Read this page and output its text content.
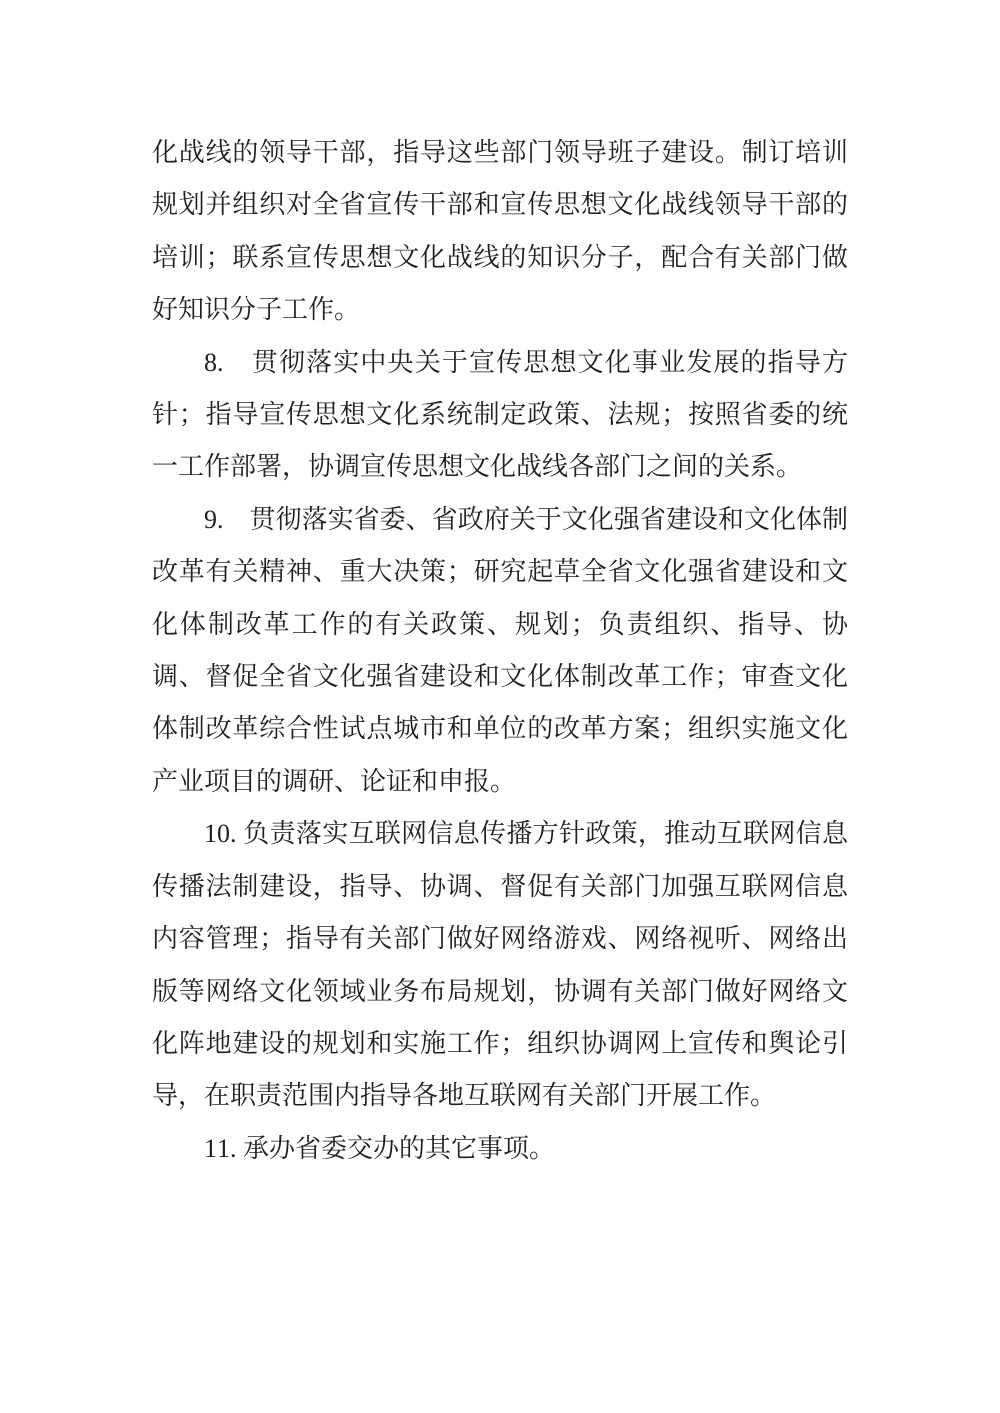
化战线的领导干部，指导这些部门领导班子建设。制订培训规划并组织对全省宣传干部和宣传思想文化战线领导干部的培训；联系宣传思想文化战线的知识分子，配合有关部门做好知识分子工作。

8.　贯彻落实中央关于宣传思想文化事业发展的指导方针；指导宣传思想文化系统制定政策、法规；按照省委的统一工作部署，协调宣传思想文化战线各部门之间的关系。

9.　贯彻落实省委、省政府关于文化强省建设和文化体制改革有关精神、重大决策；研究起草全省文化强省建设和文化体制改革工作的有关政策、规划；负责组织、指导、协调、督促全省文化强省建设和文化体制改革工作；审查文化体制改革综合性试点城市和单位的改革方案；组织实施文化产业项目的调研、论证和申报。

10. 负责落实互联网信息传播方针政策，推动互联网信息传播法制建设，指导、协调、督促有关部门加强互联网信息内容管理；指导有关部门做好网络游戏、网络视听、网络出版等网络文化领域业务布局规划，协调有关部门做好网络文化阵地建设的规划和实施工作；组织协调网上宣传和舆论引导，在职责范围内指导各地互联网有关部门开展工作。

11. 承办省委交办的其它事项。
